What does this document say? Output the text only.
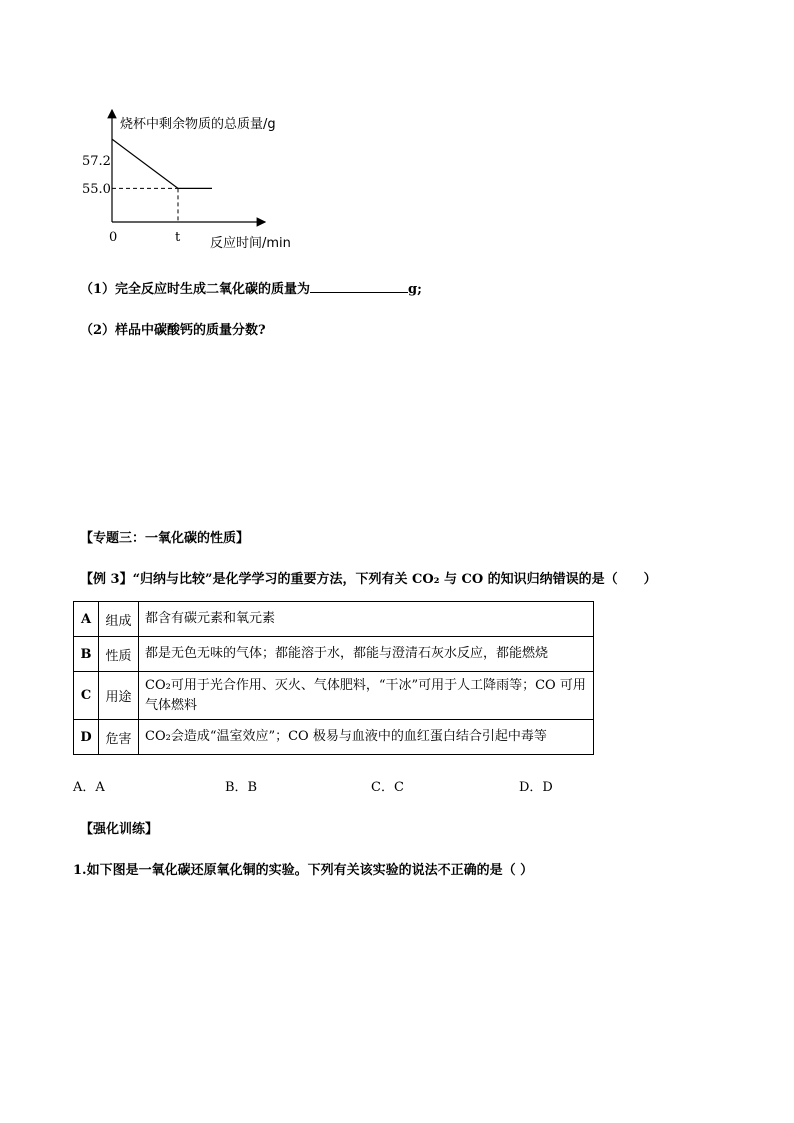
烧杯中剩余物质的总质量/g
57.2
55.0
0	t 反应时间/min
（1）完全反应时生成二氧化碳的质量为	g;
（2）样品中碳酸钙的质量分数?
【专题三：一氧化碳的性质】
【例 3】“归纳与比较”是化学学习的重要方法，下列有关 CO₂ 与 CO 的知识归纳错误的是（　　）
A	组成	都含有碳元素和氧元素
B	性质	都是无色无味的气体；都能溶于水，都能与澄清石灰水反应，都能燃烧
C	用途	CO₂可用于光合作用、灭火、气体肥料，“干冰”可用于人工降雨等；CO 可用气体燃料
D	危害	CO₂会造成“温室效应”；CO 极易与血液中的血红蛋白结合引起中毒等
A．A	B．B	C．C	D．D
【强化训练】
1.如下图是一氧化碳还原氧化铜的实验。下列有关该实验的说法不正确的是（ ）
